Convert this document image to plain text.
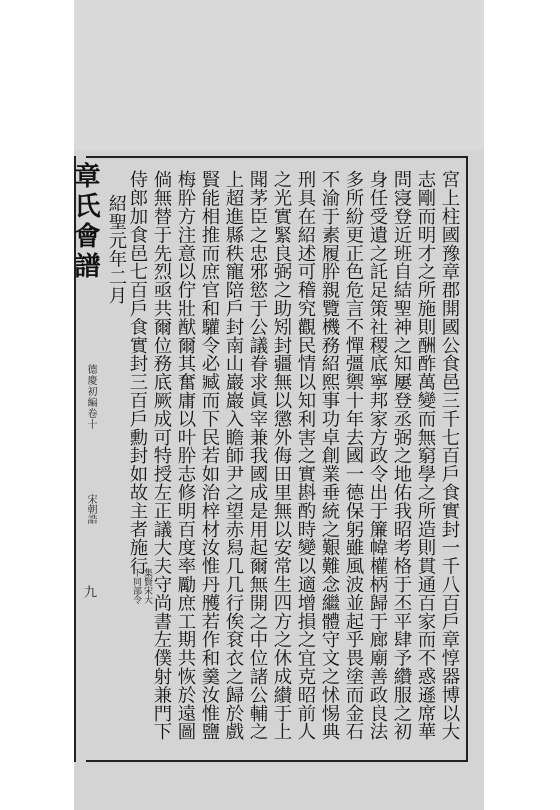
章氏會譜
德慶初編卷十
宋朝誥
九	宮上柱國豫章郡開國公食邑三千七百戶食實封一千八百戶章惇器博以大
志剛而明才之所施則酬酢萬變而無窮學之所造則貫通百家而不惑遜席華
問寖登近班自結聖神之知屢登丞弼之地佑我昭考格于丕平肆予纘服之初
身任受遺之託足策社稷底寧邦家方政令出于簾幃權柄歸于廊廟善政良法
多所紛更正色危言不憚彊禦十年去國一德保躬雖風波並起乎畏塗而金石
不渝于素履肸親覽機務紹熙事功卓創業垂統之艱難念繼體守文之怵惕典
刑具在紹述可稽究觀民情以知利害之實斟酌時變以適增損之宜克昭前人
之光實緊良弼之助矧封疆無以懲外侮田里無以安常生四方之休成纉于上
聞茅臣之忠邪慾于公議眷求眞宰兼我國成是用起爾無開之中位諸公輔之
上超進縣秩寵陪戶封南山巖巖入瞻師尹之望赤舄几几行俟袞衣之歸於戲
賢能相推而庶官和驩令必臧而下民若如治梓材汝惟丹雘若作和羹汝惟鹽
梅肸方注意以佇壯猷爾其奮庸以叶肸志修明百度率勵庶工期共恢於遠圖
倘無替于先烈亟共爾位務底厥成可特授左正議大夫守尚書左僕射兼門下
侍郎加食邑七百戶食實封三百戶勳封如故主者施行
紹聖元年二月
集賢宋大
下同部令
